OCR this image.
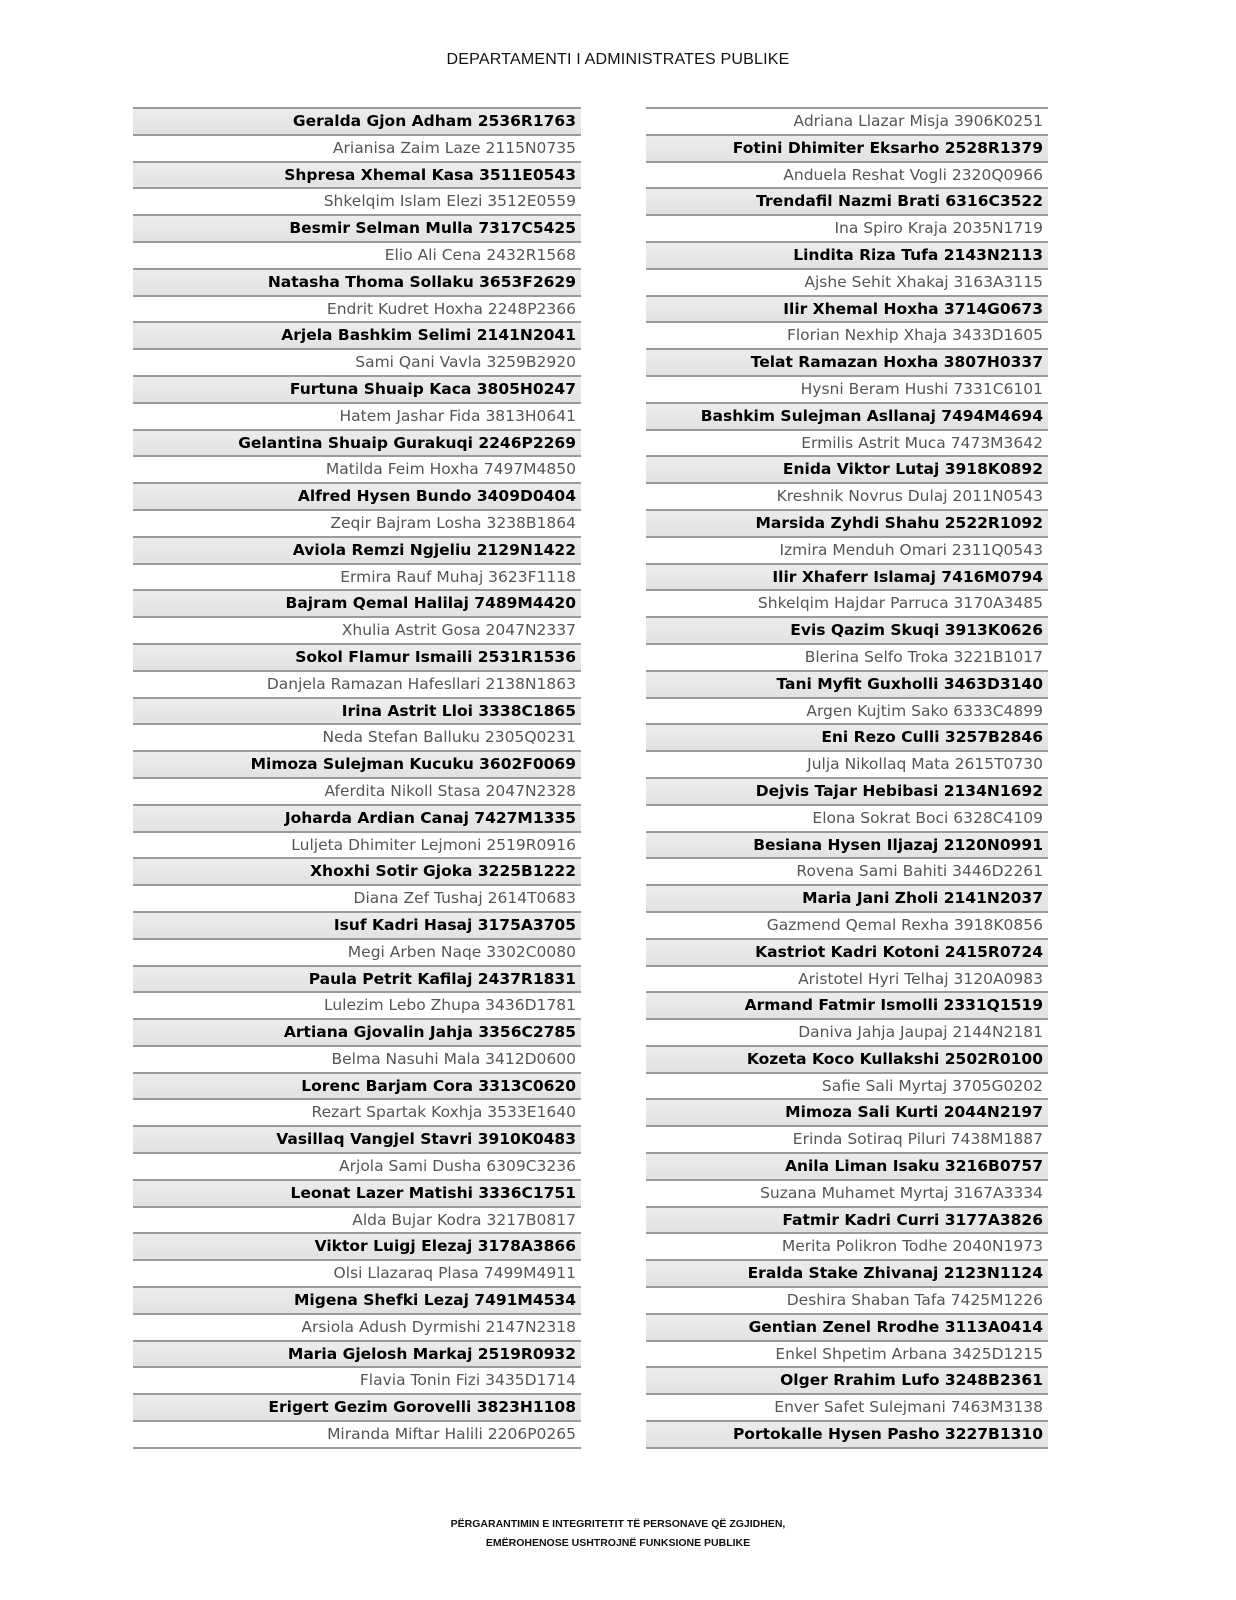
DEPARTAMENTI I ADMINISTRATES PUBLIKE
Geralda Gjon Adham 2536R1763
Arianisa Zaim Laze 2115N0735
Shpresa Xhemal Kasa 3511E0543
Shkelqim Islam Elezi 3512E0559
Besmir Selman Mulla 7317C5425
Elio Ali Cena 2432R1568
Natasha Thoma Sollaku 3653F2629
Endrit Kudret Hoxha 2248P2366
Arjela Bashkim Selimi 2141N2041
Sami Qani Vavla 3259B2920
Furtuna Shuaip Kaca 3805H0247
Hatem Jashar Fida 3813H0641
Gelantina Shuaip Gurakuqi 2246P2269
Matilda Feim Hoxha 7497M4850
Alfred Hysen Bundo 3409D0404
Zeqir Bajram Losha 3238B1864
Aviola Remzi Ngjeliu 2129N1422
Ermira Rauf Muhaj 3623F1118
Bajram Qemal Halilaj 7489M4420
Xhulia Astrit Gosa 2047N2337
Sokol Flamur Ismaili 2531R1536
Danjela Ramazan Hafesllari 2138N1863
Irina Astrit Lloi 3338C1865
Neda Stefan Balluku 2305Q0231
Mimoza Sulejman Kucuku 3602F0069
Aferdita Nikoll Stasa 2047N2328
Joharda Ardian Canaj 7427M1335
Luljeta Dhimiter Lejmoni 2519R0916
Xhoxhi Sotir Gjoka 3225B1222
Diana Zef Tushaj 2614T0683
Isuf Kadri Hasaj 3175A3705
Megi Arben Naqe 3302C0080
Paula Petrit Kafilaj 2437R1831
Lulezim Lebo Zhupa 3436D1781
Artiana Gjovalin Jahja 3356C2785
Belma Nasuhi Mala 3412D0600
Lorenc Barjam Cora 3313C0620
Rezart Spartak Koxhja 3533E1640
Vasillaq Vangjel Stavri 3910K0483
Arjola Sami Dusha 6309C3236
Leonat Lazer Matishi 3336C1751
Alda Bujar Kodra 3217B0817
Viktor Luigj Elezaj 3178A3866
Olsi Llazaraq Plasa 7499M4911
Migena Shefki Lezaj 7491M4534
Arsiola Adush Dyrmishi 2147N2318
Maria Gjelosh Markaj 2519R0932
Flavia Tonin Fizi 3435D1714
Erigert Gezim Gorovelli 3823H1108
Miranda Miftar Halili 2206P0265
Adriana Llazar Misja 3906K0251
Fotini Dhimiter Eksarho 2528R1379
Anduela Reshat Vogli 2320Q0966
Trendafil Nazmi Brati 6316C3522
Ina Spiro Kraja 2035N1719
Lindita Riza Tufa 2143N2113
Ajshe Sehit Xhakaj 3163A3115
Ilir Xhemal Hoxha 3714G0673
Florian Nexhip Xhaja 3433D1605
Telat Ramazan Hoxha 3807H0337
Hysni Beram Hushi 7331C6101
Bashkim Sulejman Asllanaj 7494M4694
Ermilis Astrit Muca 7473M3642
Enida Viktor Lutaj 3918K0892
Kreshnik Novrus Dulaj 2011N0543
Marsida Zyhdi Shahu 2522R1092
Izmira Menduh Omari 2311Q0543
Ilir Xhaferr Islamaj 7416M0794
Shkelqim Hajdar Parruca 3170A3485
Evis Qazim Skuqi 3913K0626
Blerina Selfo Troka 3221B1017
Tani Myfit Guxholli 3463D3140
Argen Kujtim Sako 6333C4899
Eni Rezo Culli 3257B2846
Julja Nikollaq Mata 2615T0730
Dejvis Tajar Hebibasi 2134N1692
Elona Sokrat Boci 6328C4109
Besiana Hysen Iljazaj 2120N0991
Rovena Sami Bahiti 3446D2261
Maria Jani Zholi 2141N2037
Gazmend Qemal Rexha 3918K0856
Kastriot Kadri Kotoni 2415R0724
Aristotel Hyri Telhaj 3120A0983
Armand Fatmir Ismolli 2331Q1519
Daniva Jahja Jaupaj 2144N2181
Kozeta Koco Kullakshi 2502R0100
Safie Sali Myrtaj 3705G0202
Mimoza Sali Kurti 2044N2197
Erinda Sotiraq Piluri 7438M1887
Anila Liman Isaku 3216B0757
Suzana Muhamet Myrtaj 3167A3334
Fatmir Kadri Curri 3177A3826
Merita Polikron Todhe 2040N1973
Eralda Stake Zhivanaj 2123N1124
Deshira Shaban Tafa 7425M1226
Gentian Zenel Rrodhe 3113A0414
Enkel Shpetim Arbana 3425D1215
Olger Rrahim Lufo 3248B2361
Enver Safet Sulejmani 7463M3138
Portokalle Hysen Pasho 3227B1310
PËRGARANTIMIN E INTEGRITETIT TË PERSONAVE QË ZGJIDHEN,
EMËROHENOSE USHTROJNË FUNKSIONE PUBLIKE
